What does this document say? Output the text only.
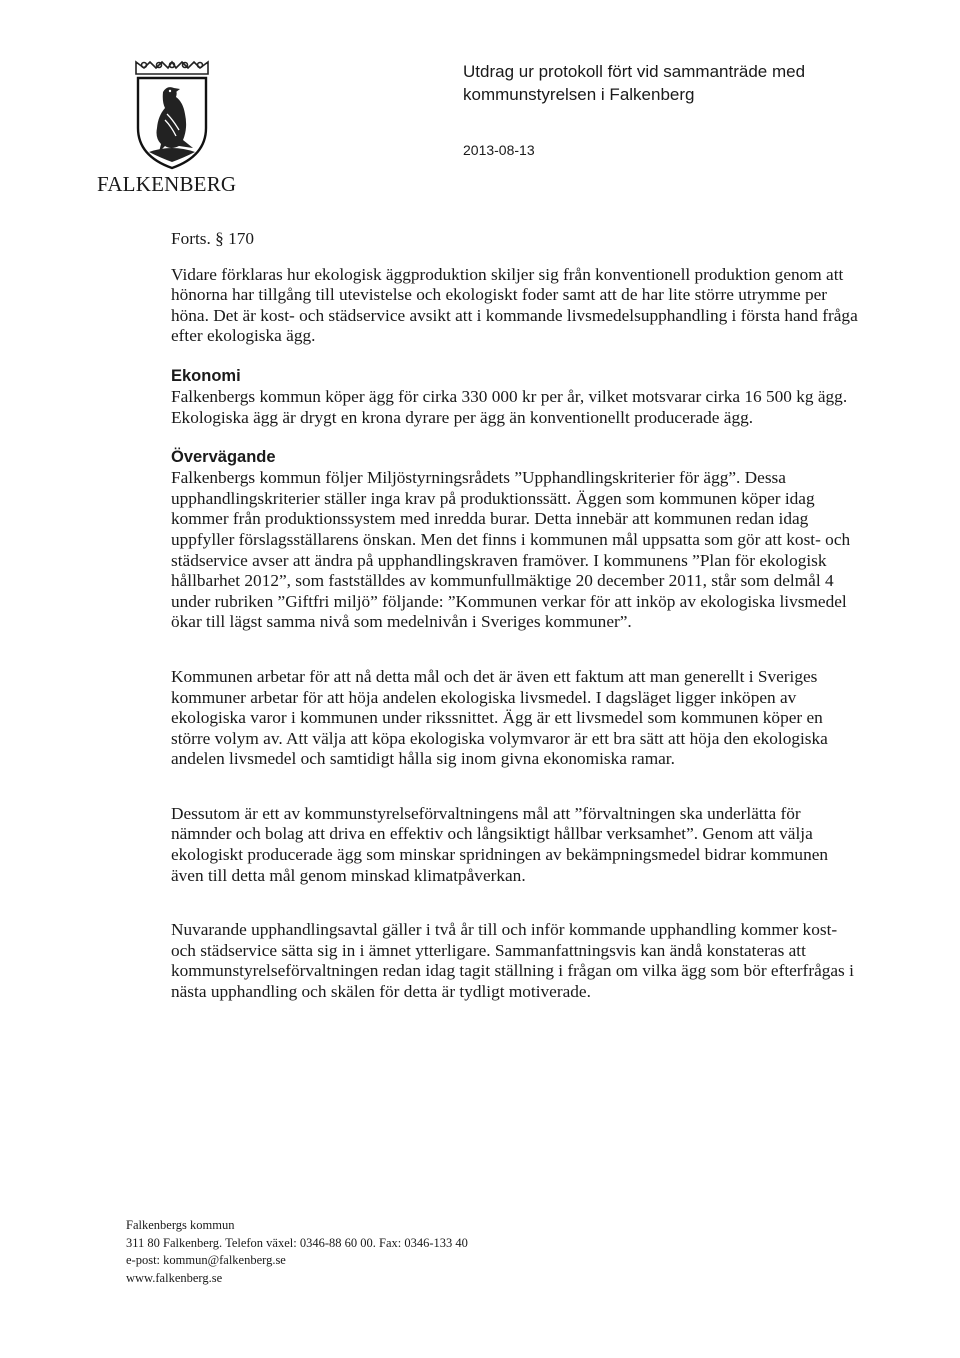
FALKENBERG
Utdrag ur protokoll fört vid sammanträde med
kommunstyrelsen i Falkenberg
2013-08-13

Forts. § 170

Vidare förklaras hur ekologisk äggproduktion skiljer sig från konventionell produktion genom att hönorna har tillgång till utevistelse och ekologiskt foder samt att de har lite större utrymme per höna. Det är kost- och städservice avsikt att i kommande livsmedelsupphandling i första hand fråga efter ekologiska ägg.

Ekonomi

Falkenbergs kommun köper ägg för cirka 330 000 kr per år, vilket motsvarar cirka 16 500 kg ägg. Ekologiska ägg är drygt en krona dyrare per ägg än konventionellt producerade ägg.

Övervägande

Falkenbergs kommun följer Miljöstyrningsrådets ”Upphandlingskriterier för ägg”. Dessa upphandlingskriterier ställer inga krav på produktionssätt. Äggen som kommunen köper idag kommer från produktionssystem med inredda burar. Detta innebär att kommunen redan idag uppfyller förslagsställarens önskan. Men det finns i kommunen mål uppsatta som gör att kost- och städservice avser att ändra på upphandlingskraven framöver. I kommunens ”Plan för ekologisk hållbarhet 2012”, som fastställdes av kommunfullmäktige 20 december 2011, står som delmål 4 under rubriken ”Giftfri miljö” följande: ”Kommunen verkar för att inköp av ekologiska livsmedel ökar till lägst samma nivå som medelnivån i Sveriges kommuner”.

Kommunen arbetar för att nå detta mål och det är även ett faktum att man generellt i Sveriges kommuner arbetar för att höja andelen ekologiska livsmedel. I dagsläget ligger inköpen av ekologiska varor i kommunen under rikssnittet. Ägg är ett livsmedel som kommunen köper en större volym av. Att välja att köpa ekologiska volymvaror är ett bra sätt att höja den ekologiska andelen livsmedel och samtidigt hålla sig inom givna ekonomiska ramar.

Dessutom är ett av kommunstyrelseförvaltningens mål att ”förvaltningen ska underlätta för nämnder och bolag att driva en effektiv och långsiktigt hållbar verksamhet”. Genom att välja ekologiskt producerade ägg som minskar spridningen av bekämpningsmedel bidrar kommunen även till detta mål genom minskad klimatpåverkan.

Nuvarande upphandlingsavtal gäller i två år till och inför kommande upphandling kommer kost- och städservice sätta sig in i ämnet ytterligare. Sammanfattningsvis kan ändå konstateras att kommunstyrelseförvaltningen redan idag tagit ställning i frågan om vilka ägg som bör efterfrågas i nästa upphandling och skälen för detta är tydligt motiverade.

Falkenbergs kommun
311 80 Falkenberg. Telefon växel: 0346-88 60 00. Fax: 0346-133 40
e-post: kommun@falkenberg.se
www.falkenberg.se
